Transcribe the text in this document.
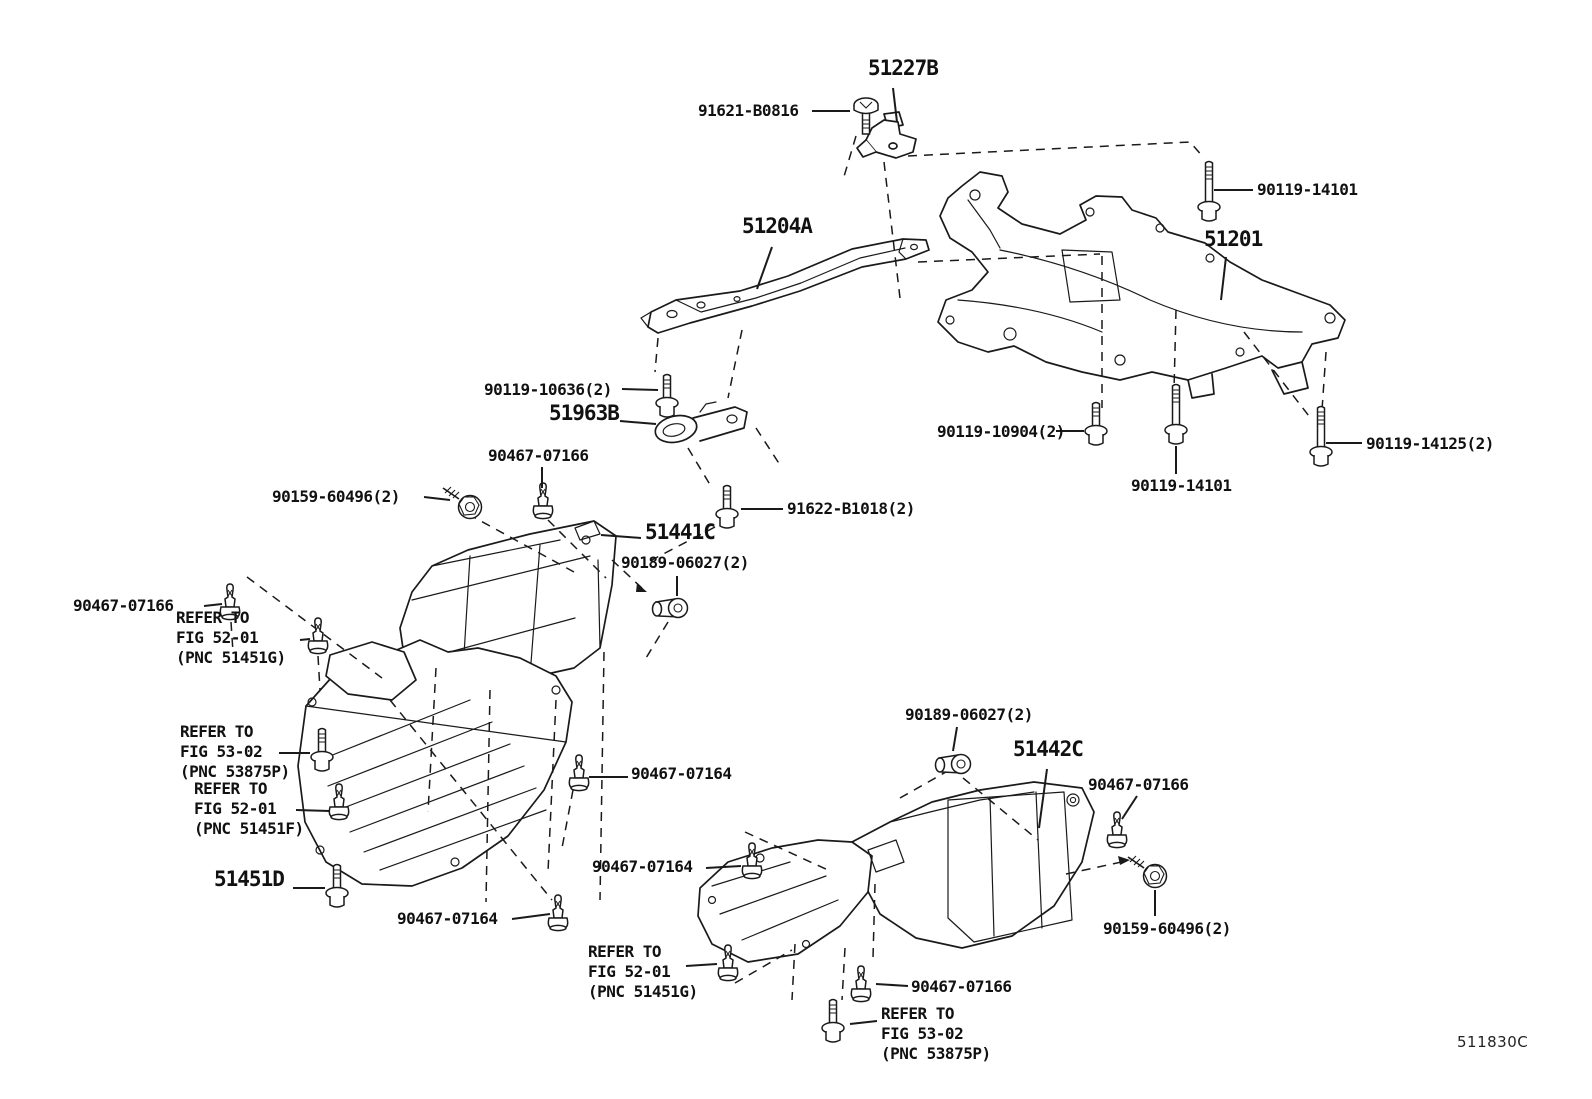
51227B
91621-B0816
90119-14101
51204A
51201
90119-10636(2)
51963B
90467-07166
90159-60496(2)
91622-B1018(2)
51441C
90189-06027(2)
90119-10904(2)
90119-14101
90119-14125(2)
90467-07166
REFER TO
FIG 52-01
(PNC 51451G)
REFER TO
FIG 53-02
(PNC 53875P)
REFER TO
FIG 52-01
(PNC 51451F)
51451D
90467-07164
90467-07164
90467-07164
90189-06027(2)
51442C
90467-07166
90159-60496(2)
REFER TO
FIG 52-01
(PNC 51451G)	90467-07166
REFER TO
FIG 53-02
(PNC 53875P)
511830C
